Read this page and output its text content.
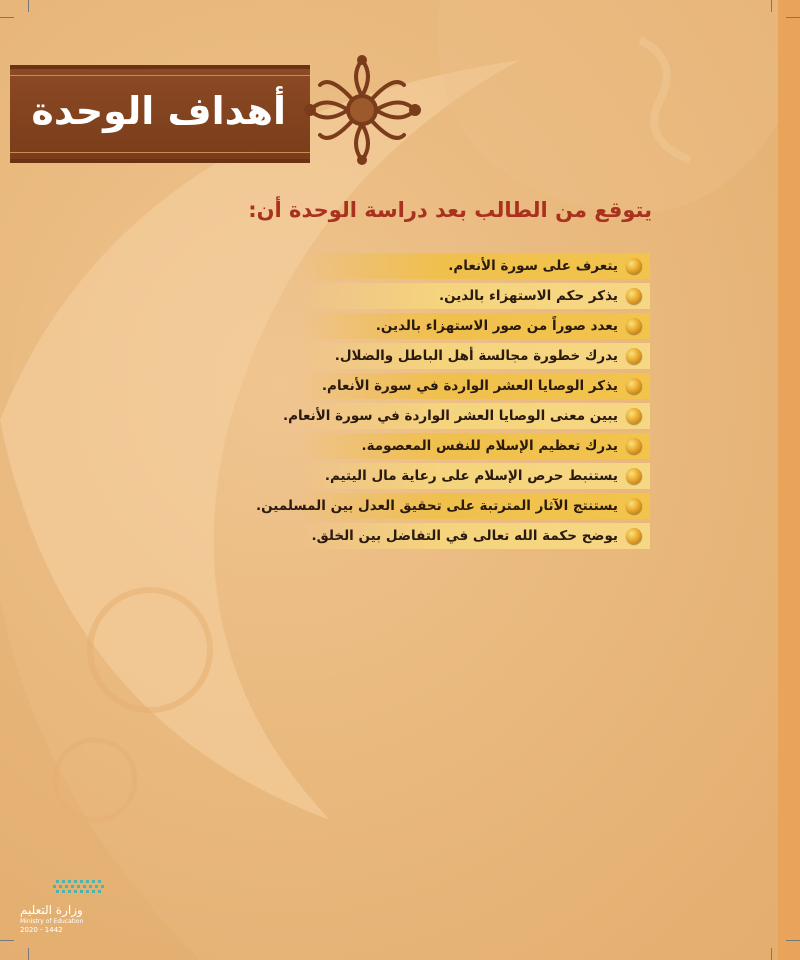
أهداف الوحدة
يتوقع من الطالب بعد دراسة الوحدة أن:
يتعرف على سورة الأنعام.
يذكر حكم الاستهزاء بالدين.
يعدد صوراً من صور الاستهزاء بالدين.
يدرك خطورة مجالسة أهل الباطل والضلال.
يذكر الوصايا العشر الواردة في سورة الأنعام.
يبين معنى الوصايا العشر الواردة في سورة الأنعام.
يدرك تعظيم الإسلام للنفس المعصومة.
يستنبط حرص الإسلام على رعاية مال اليتيم.
يستنتج الآثار المترتبة على تحقيق العدل بين المسلمين.
يوضح حكمة الله تعالى في التفاضل بين الخلق.
وزارة التعليم
Ministry of Education
2020 - 1442
